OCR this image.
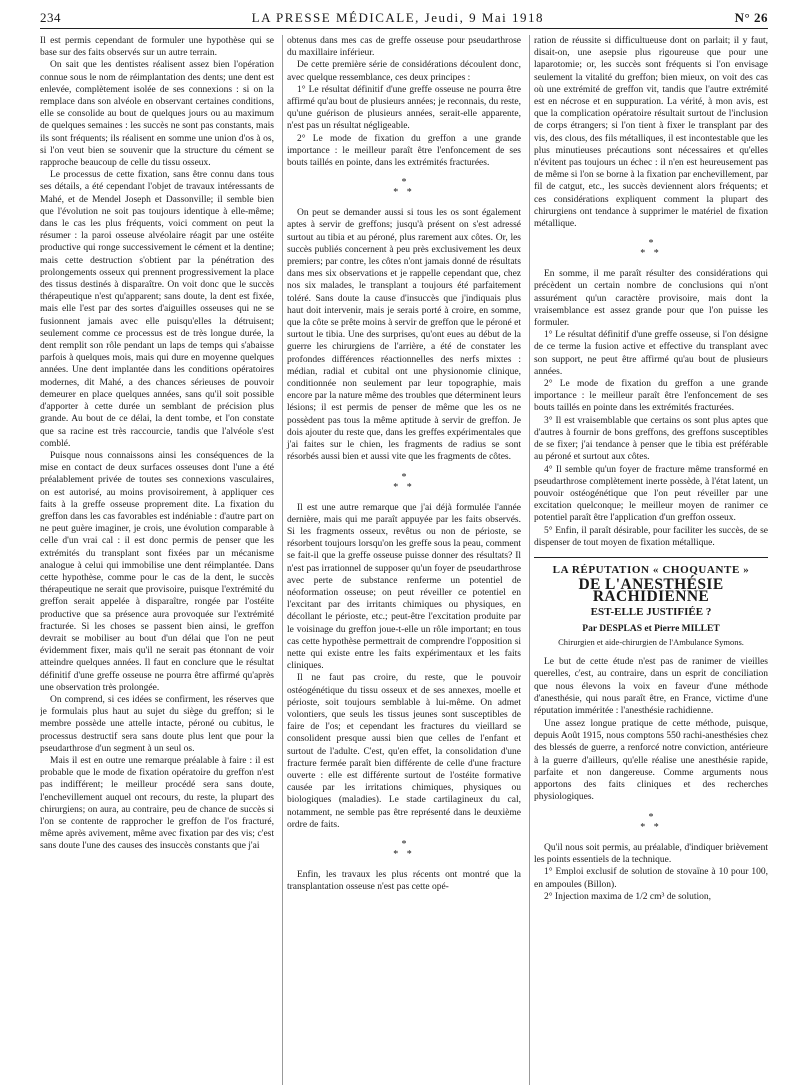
234	LA PRESSE MÉDICALE, Jeudi, 9 Mai 1918	N° 26

Il est permis cependant de formuler une hypothèse qui se base sur des faits observés sur un autre terrain.

On sait que les dentistes réalisent assez bien l'opération connue sous le nom de réimplantation des dents; une dent est enlevée, complètement isolée de ses connexions : si on la remplace dans son alvéole en observant certaines conditions, elle se consolide au bout de quelques jours ou au maximum de quelques semaines : les succès ne sont pas constants, mais ils sont fréquents; ils réalisent en somme une union d'os à os, si l'on veut bien se souvenir que la structure du cément se rapproche beaucoup de celle du tissu osseux.

Le processus de cette fixation, sans être connu dans tous ses détails, a été cependant l'objet de travaux intéressants de Mahé, et de Mendel Joseph et Dassonville; il semble bien que l'évolution ne soit pas toujours identique à elle-même; dans le cas les plus fréquents, voici comment on peut la résumer : la paroi osseuse alvéolaire réagit par une ostéite productive qui ronge successivement le cément et la dentine; mais cette destruction s'obtient par la pénétration des prolongements osseux qui prennent progressivement la place des tissus destinés à disparaître. On voit donc que le succès thérapeutique n'est qu'apparent; sans doute, la dent est fixée, mais elle l'est par des sortes d'aiguilles osseuses qui ne se fusionnent jamais avec elle puisqu'elles la détruisent; seulement comme ce processus est de très longue durée, la dent remplit son rôle pendant un laps de temps qui s'abaisse parfois à quelques mois, mais qui dure en moyenne quelques années. Une dent implantée dans les conditions opératoires modernes, dit Mahé, a des chances sérieuses de pouvoir demeurer en place quelques années, sans qu'il soit possible d'apporter à cette durée un semblant de précision plus grande. Au bout de ce délai, la dent tombe, et l'on constate que sa racine est très raccourcie, tandis que l'alvéole s'est comblé.

Puisque nous connaissons ainsi les conséquences de la mise en contact de deux surfaces osseuses dont l'une a été préalablement privée de toutes ses connexions vasculaires, on est autorisé, au moins provisoirement, à appliquer ces faits à la greffe osseuse proprement dite. La fixation du greffon dans les cas favorables est indéniable : d'autre part on ne peut guère imaginer, je crois, une évolution comparable à celle d'un vrai cal : il est donc permis de penser que les extrémités du transplant sont fixées par un mécanisme analogue à celui qui immobilise une dent réimplantée. Dans cette hypothèse, comme pour le cas de la dent, le succès thérapeutique ne serait que provisoire, puisque l'extrémité du greffon serait appelée à disparaître, rongée par l'ostéite productive que sa présence aura provoquée sur l'extrémité fracturée. Si les choses se passent bien ainsi, le greffon devrait se mobiliser au bout d'un délai que l'on ne peut évidemment fixer, mais qu'il ne serait pas étonnant de voir atteindre quelques années. Il faut en conclure que le résultat définitif d'une greffe osseuse ne pourra être affirmé qu'après une observation très prolongée.

On comprend, si ces idées se confirment, les réserves que je formulais plus haut au sujet du siège du greffon; si le membre possède une attelle intacte, péroné ou cubitus, le processus destructif sera sans doute plus lent que pour la pseudarthrose d'un segment à un seul os.

Mais il est en outre une remarque préalable à faire : il est probable que le mode de fixation opératoire du greffon n'est pas indifférent; le meilleur procédé sera sans doute, l'enchevillement auquel ont recours, du reste, la plupart des chirurgiens; on aura, au contraire, peu de chance de succès si l'on se contente de rapprocher le greffon de l'os fracturé, même après avivement, même avec fixation par des vis; c'est sans doute l'une des causes des insuccès constants que j'ai

obtenus dans mes cas de greffe osseuse pour pseudarthrose du maxillaire inférieur.

De cette première série de considérations découlent donc, avec quelque ressemblance, ces deux principes :

1° Le résultat définitif d'une greffe osseuse ne pourra être affirmé qu'au bout de plusieurs années; je reconnais, du reste, qu'une guérison de plusieurs années, serait-elle apparente, n'est pas un résultat négligeable.

2° Le mode de fixation du greffon a une grande importance : le meilleur paraît être l'enfoncement de ses bouts taillés en pointe, dans les extrémités fracturées.

*
* *

On peut se demander aussi si tous les os sont également aptes à servir de greffons; jusqu'à présent on s'est adressé surtout au tibia et au péroné, plus rarement aux côtes. Or, les succès publiés concernent à peu près exclusivement les deux premiers; par contre, les côtes n'ont jamais donné de résultats dans mes six observations et je rappelle cependant que, chez nos six malades, le transplant a toujours été parfaitement toléré. Sans doute la cause d'insuccès que j'indiquais plus haut doit intervenir, mais je serais porté à croire, en somme, que la côte se prête moins à servir de greffon que le péroné et surtout le tibia. Une des surprises, qu'ont eues au début de la guerre les chirurgiens de l'arrière, a été de constater les profondes différences réactionnelles des nerfs mixtes : médian, radial et cubital ont une physionomie clinique, conditionnée non seulement par leur topographie, mais encore par la nature même des troubles que déterminent leurs lésions; il est permis de penser de même que les os ne possèdent pas tous la même aptitude à servir de greffon. Je dois ajouter du reste que, dans les greffes expérimentales que j'ai faites sur le chien, les fragments de radius se sont résorbés aussi bien et aussi vite que les fragments de côtes.

*
* *

Il est une autre remarque que j'ai déjà formulée l'année dernière, mais qui me paraît appuyée par les faits observés. Si les fragments osseux, revêtus ou non de périoste, se résorbent toujours lorsqu'on les greffe sous la peau, comment se fait-il que la greffe osseuse puisse donner des résultats? Il n'est pas irrationnel de supposer qu'un foyer de pseudarthrose avec perte de substance renferme un potentiel de néoformation osseuse; on peut réveiller ce potentiel en l'excitant par des irritants chimiques ou physiques, en décollant le périoste, etc.; peut-être l'excitation produite par le voisinage du greffon joue-t-elle un rôle important; en tous cas cette hypothèse permettrait de comprendre l'opposition si nette qui existe entre les faits expérimentaux et les faits cliniques.

Il ne faut pas croire, du reste, que le pouvoir ostéogénétique du tissu osseux et de ses annexes, moelle et périoste, soit toujours semblable à lui-même. On admet volontiers, que seuls les tissus jeunes sont susceptibles de faire de l'os; et cependant les fractures du vieillard se consolident presque aussi bien que celles de l'enfant et surtout de l'adulte. C'est, qu'en effet, la consolidation d'une fracture fermée paraît bien différente de celle d'une fracture ouverte : elle est différente surtout de l'ostéite formative causée par les irritations chimiques, physiques ou biologiques (maladies). Le stade cartilagineux du cal, notamment, ne semble pas être représenté dans le deuxième ordre de faits.

*
* *

Enfin, les travaux les plus récents ont montré que la transplantation osseuse n'est pas cette opé-

ration de réussite si difficultueuse dont on parlait; il y faut, disait-on, une asepsie plus rigoureuse que pour une laparotomie; or, les succès sont fréquents si l'on envisage seulement la vitalité du greffon; bien mieux, on voit des cas où une extrémité de greffon vit, tandis que l'autre extrémité est en nécrose et en suppuration. La vérité, à mon avis, est que la complication opératoire résultait surtout de l'inclusion de corps étrangers; si l'on tient à fixer le transplant par des vis, des clous, des fils métalliques, il est incontestable que les plus minutieuses précautions sont nécessaires et qu'elles n'évitent pas toujours un échec : il n'en est heureusement pas de même si l'on se borne à la fixation par enchevillement, par fil de catgut, etc., les succès deviennent alors fréquents; et ces considérations expliquent comment la plupart des chirurgiens ont tendance à supprimer le matériel de fixation métallique.

*
* *

En somme, il me paraît résulter des considérations qui précèdent un certain nombre de conclusions qui n'ont assurément qu'un caractère provisoire, mais dont la vraisemblance est assez grande pour que l'on puisse les formuler.

1° Le résultat définitif d'une greffe osseuse, si l'on désigne de ce terme la fusion active et effective du transplant avec son support, ne peut être affirmé qu'au bout de plusieurs années.

2° Le mode de fixation du greffon a une grande importance : le meilleur paraît être l'enfoncement de ses bouts taillés en pointe dans les extrémités fracturées.

3° Il est vraisemblable que certains os sont plus aptes que d'autres à fournir de bons greffons, des greffons susceptibles de se fixer; j'ai tendance à penser que le tibia est préférable au péroné et surtout aux côtes.

4° Il semble qu'un foyer de fracture même transformé en pseudarthrose complètement inerte possède, à l'état latent, un pouvoir ostéogénétique que l'on peut réveiller par une excitation quelconque; le meilleur moyen de ranimer ce potentiel paraît être l'application d'un greffon osseux.

5° Enfin, il paraît désirable, pour faciliter les succès, de se dispenser de tout moyen de fixation métallique.

LA RÉPUTATION « CHOQUANTE »
DE L'ANESTHÉSIE RACHIDIENNE
EST-ELLE JUSTIFIÉE ?
Par DESPLAS et Pierre MILLET
Chirurgien et aide-chirurgien de l'Ambulance Symons.

Le but de cette étude n'est pas de ranimer de vieilles querelles, c'est, au contraire, dans un esprit de conciliation que nous élevons la voix en faveur d'une méthode d'anesthésie, qui nous paraît être, en France, victime d'une réputation imméritée : l'anesthésie rachidienne.

Une assez longue pratique de cette méthode, puisque, depuis Août 1915, nous comptons 550 rachi-anesthésies chez des blessés de guerre, a renforcé notre conviction, antérieure à la guerre d'ailleurs, qu'elle réalise une anesthésie rapide, parfaite et non dangereuse. Comme arguments nous apportons des faits cliniques et des recherches physiologiques.

*
* *

Qu'il nous soit permis, au préalable, d'indiquer brièvement les points essentiels de la technique.

1° Emploi exclusif de solution de stovaïne à 10 pour 100, en ampoules (Billon).

2° Injection maxima de 1/2 cm³ de solution,
